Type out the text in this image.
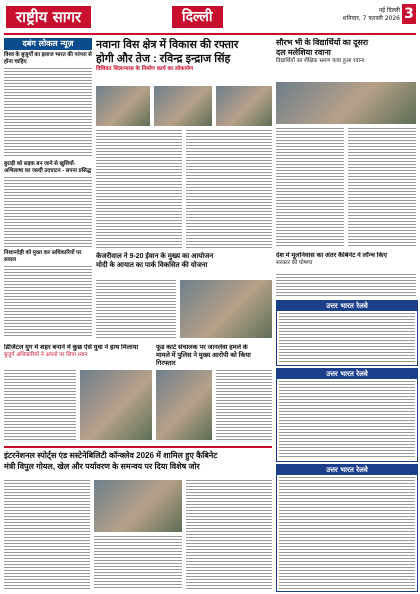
राष्ट्रीय सागर	दिल्ली	नई दिल्ली
शनिवार, 7 फरवरी 2026 3
दबंग लोकल न्यूज़
विश्व के बुजुर्गों का इलाज भारत की परंपरा से होना चाहिए
बुराड़ी को सड़क बन जाने से खुशियों-अभिलाषा का जल्दी उदघाटन - सपना प्रसिद्ध
निशानदेही को मुक्त कर अधिकारियों पर सवाल
नवाना विस क्षेत्र में विकास की रफ्तार
होगी और तेज : रविन्द्र इन्द्राज सिंह
विधिवत शिलान्यास के निर्माण कार्य का लोकार्पण
सौरभ भी के विद्यार्थियों का दूसरा
दल मलेशिया रवाना
विद्यार्थियों का शैक्षिक भ्रमण यात्रा हुआ रवाना
केजरीवाल ने 9-20 ईवान के मुख्य का आयोजन
मोदी के आयात का पार्क विकसित की योजना
देश में मूलनिवास का अंतर कैबिनेट ने लॉन्च किए
सरकार की घोषणा
उत्तर भारत रेलवे
उत्तर भारत रेलवे
उत्तर भारत रेलवे
डिजिटल युग में शहर बनाने में कुछ ऐसे युवा ने हाथ मिलाया
बुजुर्ग अधिकारियों ने अपनों पर लिया ध्यान
फूड कार्ट संचालक पर जानलेवा हमले के
मामले में पुलिस ने मुख्य आरोपी को किया गिरफ्तार
इंटरनेशनल स्पोर्ट्स एंड सस्टेनेबिलिटी कॉन्क्लेव 2026 में शामिल हुए कैबिनेट
मंत्री विपुल गोयल, खेल और पर्यावरण के समन्वय पर दिया विशेष जोर
